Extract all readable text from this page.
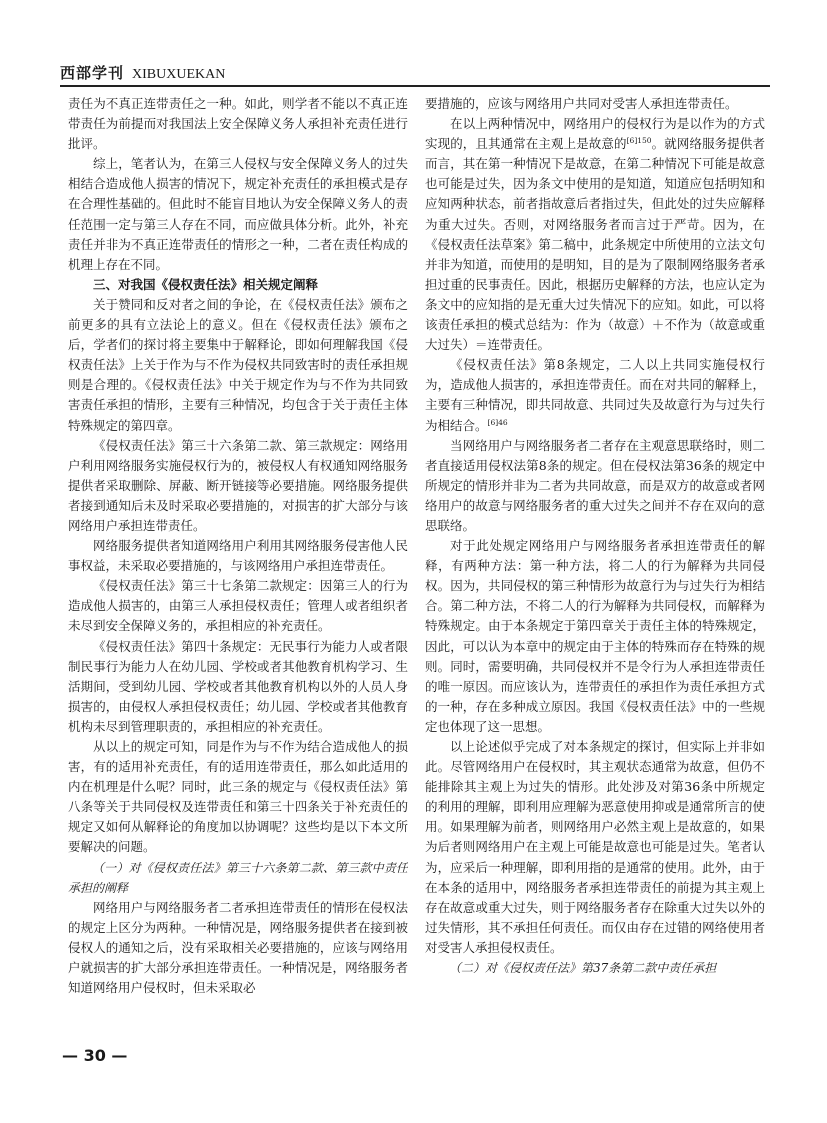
西部学刊 XIBUXUEKAN

责任为不真正连带责任之一种。如此，则学者不能以不真正连带责任为前提而对我国法上安全保障义务人承担补充责任进行批评。

综上，笔者认为，在第三人侵权与安全保障义务人的过失相结合造成他人损害的情况下，规定补充责任的承担模式是存在合理性基础的。但此时不能盲目地认为安全保障义务人的责任范围一定与第三人存在不同，而应做具体分析。此外，补充责任并非为不真正连带责任的情形之一种，二者在责任构成的机理上存在不同。

三、对我国《侵权责任法》相关规定阐释

关于赞同和反对者之间的争论，在《侵权责任法》颁布之前更多的具有立法论上的意义。但在《侵权责任法》颁布之后，学者们的探讨将主要集中于解释论，即如何理解我国《侵权责任法》上关于作为与不作为侵权共同致害时的责任承担规则是合理的。《侵权责任法》中关于规定作为与不作为共同致害责任承担的情形，主要有三种情况，均包含于关于责任主体特殊规定的第四章。

《侵权责任法》第三十六条第二款、第三款规定：网络用户利用网络服务实施侵权行为的，被侵权人有权通知网络服务提供者采取删除、屏蔽、断开链接等必要措施。网络服务提供者接到通知后未及时采取必要措施的，对损害的扩大部分与该网络用户承担连带责任。

网络服务提供者知道网络用户利用其网络服务侵害他人民事权益，未采取必要措施的，与该网络用户承担连带责任。

《侵权责任法》第三十七条第二款规定：因第三人的行为造成他人损害的，由第三人承担侵权责任；管理人或者组织者未尽到安全保障义务的，承担相应的补充责任。

《侵权责任法》第四十条规定：无民事行为能力人或者限制民事行为能力人在幼儿园、学校或者其他教育机构学习、生活期间，受到幼儿园、学校或者其他教育机构以外的人员人身损害的，由侵权人承担侵权责任；幼儿园、学校或者其他教育机构未尽到管理职责的，承担相应的补充责任。

从以上的规定可知，同是作为与不作为结合造成他人的损害，有的适用补充责任，有的适用连带责任，那么如此适用的内在机理是什么呢？同时，此三条的规定与《侵权责任法》第八条等关于共同侵权及连带责任和第三十四条关于补充责任的规定又如何从解释论的角度加以协调呢？这些均是以下本文所要解决的问题。

（一）对《侵权责任法》第三十六条第二款、第三款中责任承担的阐释

网络用户与网络服务者二者承担连带责任的情形在侵权法的规定上区分为两种。一种情况是，网络服务提供者在接到被侵权人的通知之后，没有采取相关必要措施的，应该与网络用户就损害的扩大部分承担连带责任。一种情况是，网络服务者知道网络用户侵权时，但未采取必

要措施的，应该与网络用户共同对受害人承担连带责任。

在以上两种情况中，网络用户的侵权行为是以作为的方式实现的，且其通常在主观上是故意的$^{[6]150}$。就网络服务提供者而言，其在第一种情况下是故意，在第二种情况下可能是故意也可能是过失，因为条文中使用的是知道，知道应包括明知和应知两种状态，前者指故意后者指过失，但此处的过失应解释为重大过失。否则，对网络服务者而言过于严苛。因为，在《侵权责任法草案》第二稿中，此条规定中所使用的立法文句并非为知道，而使用的是明知，目的是为了限制网络服务者承担过重的民事责任。因此，根据历史解释的方法，也应认定为条文中的应知指的是无重大过失情况下的应知。如此，可以将该责任承担的模式总结为：作为（故意）＋不作为（故意或重大过失）＝连带责任。

《侵权责任法》第8条规定，二人以上共同实施侵权行为，造成他人损害的，承担连带责任。而在对共同的解释上，主要有三种情况，即共同故意、共同过失及故意行为与过失行为相结合。$^{[6]46}$

当网络用户与网络服务者二者存在主观意思联络时，则二者直接适用侵权法第8条的规定。但在侵权法第36条的规定中所规定的情形并非为二者为共同故意，而是双方的故意或者网络用户的故意与网络服务者的重大过失之间并不存在双向的意思联络。

对于此处规定网络用户与网络服务者承担连带责任的解释，有两种方法：第一种方法，将二人的行为解释为共同侵权。因为，共同侵权的第三种情形为故意行为与过失行为相结合。第二种方法，不将二人的行为解释为共同侵权，而解释为特殊规定。由于本条规定于第四章关于责任主体的特殊规定，因此，可以认为本章中的规定由于主体的特殊而存在特殊的规则。同时，需要明确，共同侵权并不是令行为人承担连带责任的唯一原因。而应该认为，连带责任的承担作为责任承担方式的一种，存在多种成立原因。我国《侵权责任法》中的一些规定也体现了这一思想。

以上论述似乎完成了对本条规定的探讨，但实际上并非如此。尽管网络用户在侵权时，其主观状态通常为故意，但仍不能排除其主观上为过失的情形。此处涉及对第36条中所规定的利用的理解，即利用应理解为恶意使用抑或是通常所言的使用。如果理解为前者，则网络用户必然主观上是故意的，如果为后者则网络用户在主观上可能是故意也可能是过失。笔者认为，应采后一种理解，即利用指的是通常的使用。此外，由于在本条的适用中，网络服务者承担连带责任的前提为其主观上存在故意或重大过失，则于网络服务者存在除重大过失以外的过失情形，其不承担任何责任。而仅由存在过错的网络使用者对受害人承担侵权责任。

（二）对《侵权责任法》第37条第二款中责任承担
— 30 —
